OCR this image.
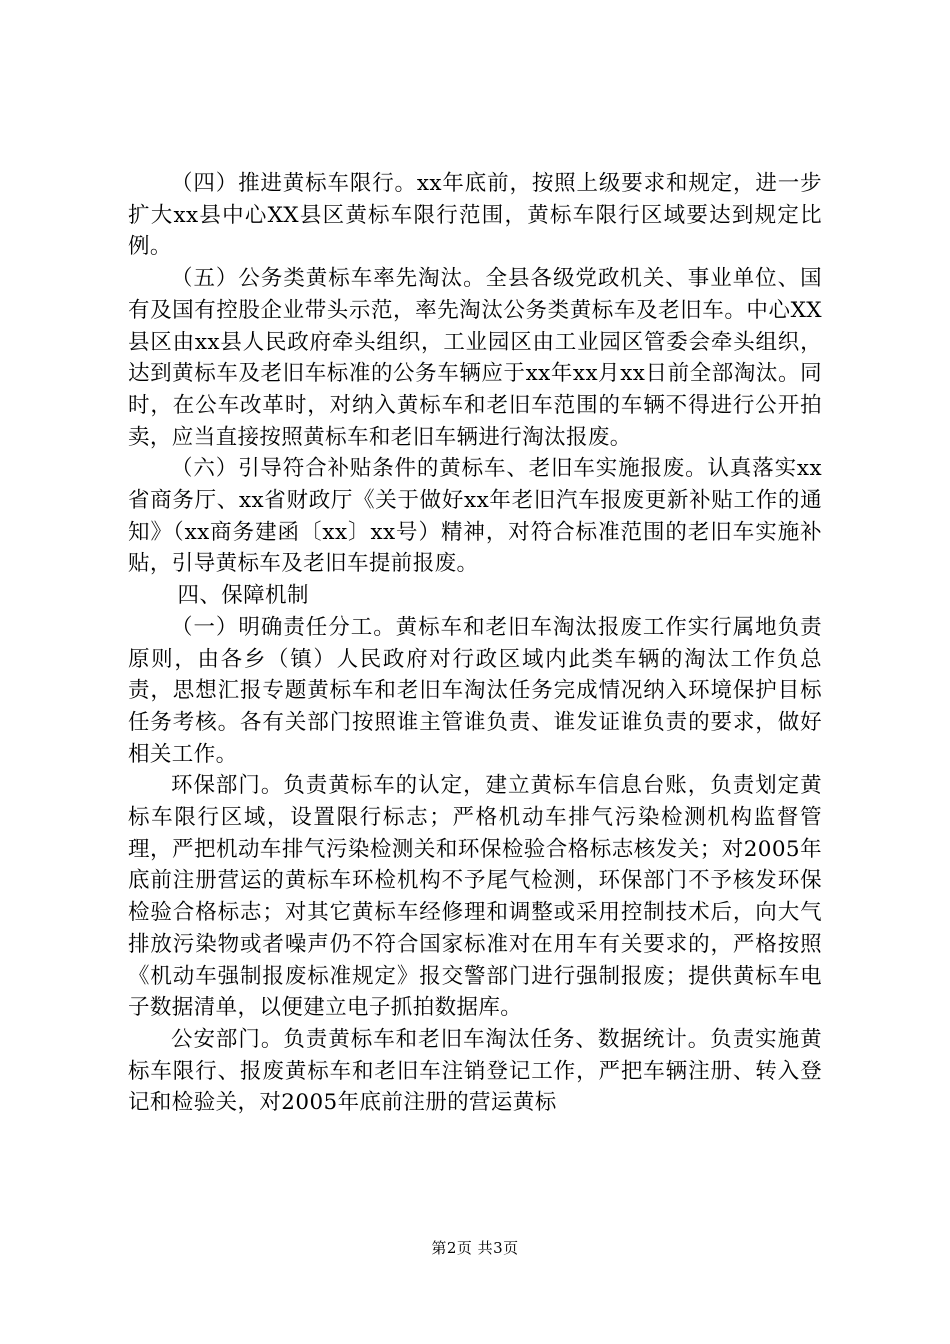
（四）推进黄标车限行。xx年底前，按照上级要求和规定，进一步扩大xx县中心XX县区黄标车限行范围，黄标车限行区域要达到规定比例。

（五）公务类黄标车率先淘汰。全县各级党政机关、事业单位、国有及国有控股企业带头示范，率先淘汰公务类黄标车及老旧车。中心XX县区由xx县人民政府牵头组织，工业园区由工业园区管委会牵头组织，达到黄标车及老旧车标准的公务车辆应于xx年xx月xx日前全部淘汰。同时，在公车改革时，对纳入黄标车和老旧车范围的车辆不得进行公开拍卖，应当直接按照黄标车和老旧车辆进行淘汰报废。

（六）引导符合补贴条件的黄标车、老旧车实施报废。认真落实xx省商务厅、xx省财政厅《关于做好xx年老旧汽车报废更新补贴工作的通知》（xx商务建函〔xx〕xx号）精神，对符合标准范围的老旧车实施补贴，引导黄标车及老旧车提前报废。

四、保障机制

（一）明确责任分工。黄标车和老旧车淘汰报废工作实行属地负责原则，由各乡（镇）人民政府对行政区域内此类车辆的淘汰工作负总责，思想汇报专题黄标车和老旧车淘汰任务完成情况纳入环境保护目标任务考核。各有关部门按照谁主管谁负责、谁发证谁负责的要求，做好相关工作。

环保部门。负责黄标车的认定，建立黄标车信息台账，负责划定黄标车限行区域，设置限行标志；严格机动车排气污染检测机构监督管理，严把机动车排气污染检测关和环保检验合格标志核发关；对2005年底前注册营运的黄标车环检机构不予尾气检测，环保部门不予核发环保检验合格标志；对其它黄标车经修理和调整或采用控制技术后，向大气排放污染物或者噪声仍不符合国家标准对在用车有关要求的，严格按照《机动车强制报废标准规定》报交警部门进行强制报废；提供黄标车电子数据清单，以便建立电子抓拍数据库。

公安部门。负责黄标车和老旧车淘汰任务、数据统计。负责实施黄标车限行、报废黄标车和老旧车注销登记工作，严把车辆注册、转入登记和检验关，对2005年底前注册的营运黄标

第2页 共3页
